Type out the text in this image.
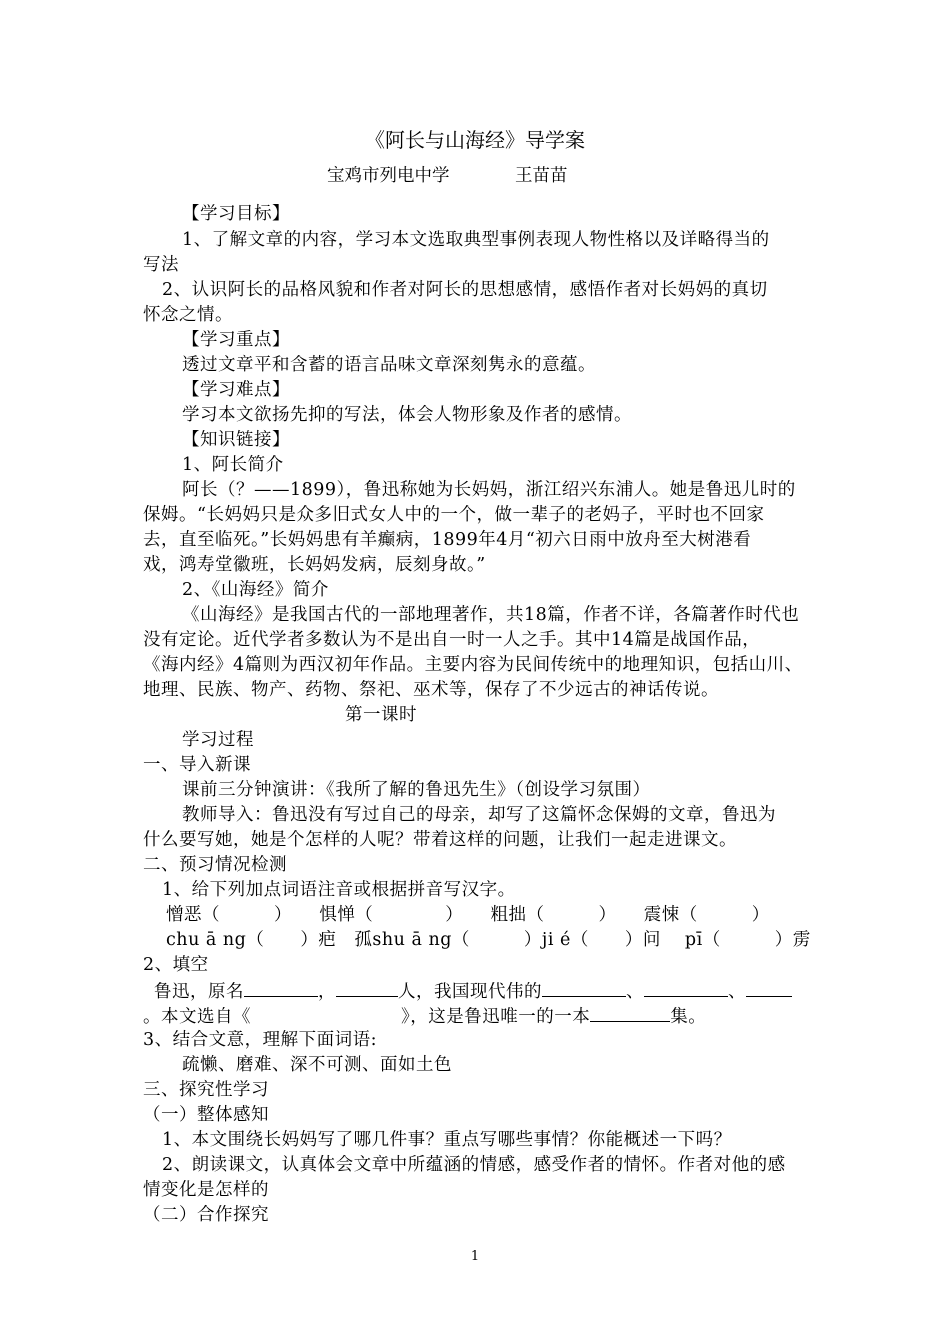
《阿长与山海经》导学案
宝鸡市列电中学	王苗苗
【学习目标】
1、了解文章的内容，学习本文选取典型事例表现人物性格以及详略得当的
写法
2、认识阿长的品格风貌和作者对阿长的思想感情，感悟作者对长妈妈的真切
怀念之情。
【学习重点】
透过文章平和含蓄的语言品味文章深刻隽永的意蕴。
【学习难点】
学习本文欲扬先抑的写法，体会人物形象及作者的感情。
【知识链接】
1、阿长简介
阿长（？——1899），鲁迅称她为长妈妈，浙江绍兴东浦人。她是鲁迅儿时的
保姆。“长妈妈只是众多旧式女人中的一个，做一辈子的老妈子，平时也不回家
去，直至临死。”长妈妈患有羊癫病，1899年4月“初六日雨中放舟至大树港看
戏，鸿寿堂徽班，长妈妈发病，辰刻身故。”
2、《山海经》简介
《山海经》是我国古代的一部地理著作，共18篇，作者不详，各篇著作时代也
没有定论。近代学者多数认为不是出自一时一人之手。其中14篇是战国作品，
《海内经》4篇则为西汉初年作品。主要内容为民间传统中的地理知识，包括山川、
地理、民族、物产、药物、祭祀、巫术等，保存了不少远古的神话传说。
第一课时
学习过程
一、导入新课
课前三分钟演讲：《我所了解的鲁迅先生》（创设学习氛围）
教师导入：鲁迅没有写过自己的母亲，却写了这篇怀念保姆的文章，鲁迅为
什么要写她，她是个怎样的人呢？带着这样的问题，让我们一起走进课文。
二、预习情况检测
1、给下列加点词语注音或根据拼音写汉字。
憎恶（　　　）　　惧惮（　　　　）　　粗拙（　　　）　　震悚（　　　）
chu ā ng（　　）疤　孤shu ā ng（　　　）ji é（　　）问　 pī（　　　）雳
2、填空
鲁迅，原名	，	人，我国现代伟的	、	、
。本文选自《	》，这是鲁迅唯一的一本	集。
3、结合文意，理解下面词语:
疏懒、磨难、深不可测、面如土色
三、探究性学习
（一）整体感知
1、本文围绕长妈妈写了哪几件事？重点写哪些事情？你能概述一下吗？
2、朗读课文，认真体会文章中所蕴涵的情感，感受作者的情怀。作者对他的感
情变化是怎样的
（二）合作探究
1
